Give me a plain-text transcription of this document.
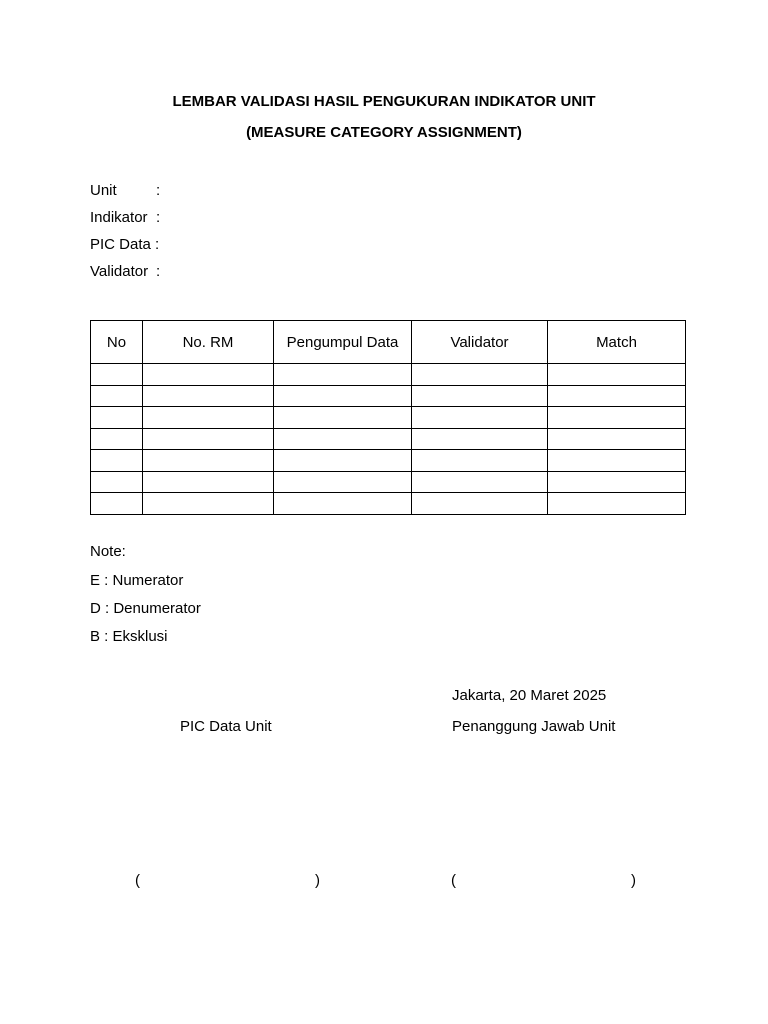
LEMBAR VALIDASI HASIL PENGUKURAN INDIKATOR UNIT
(MEASURE CATEGORY ASSIGNMENT)
Unit	:
Indikator :
PIC Data :
Validator :
No	No. RM	Pengumpul Data	Validator	Match

Note:
E : Numerator
D : Denumerator
B : Eksklusi
Jakarta, 20 Maret 2025
PIC Data Unit	Penanggung Jawab Unit
(	)	(	)
